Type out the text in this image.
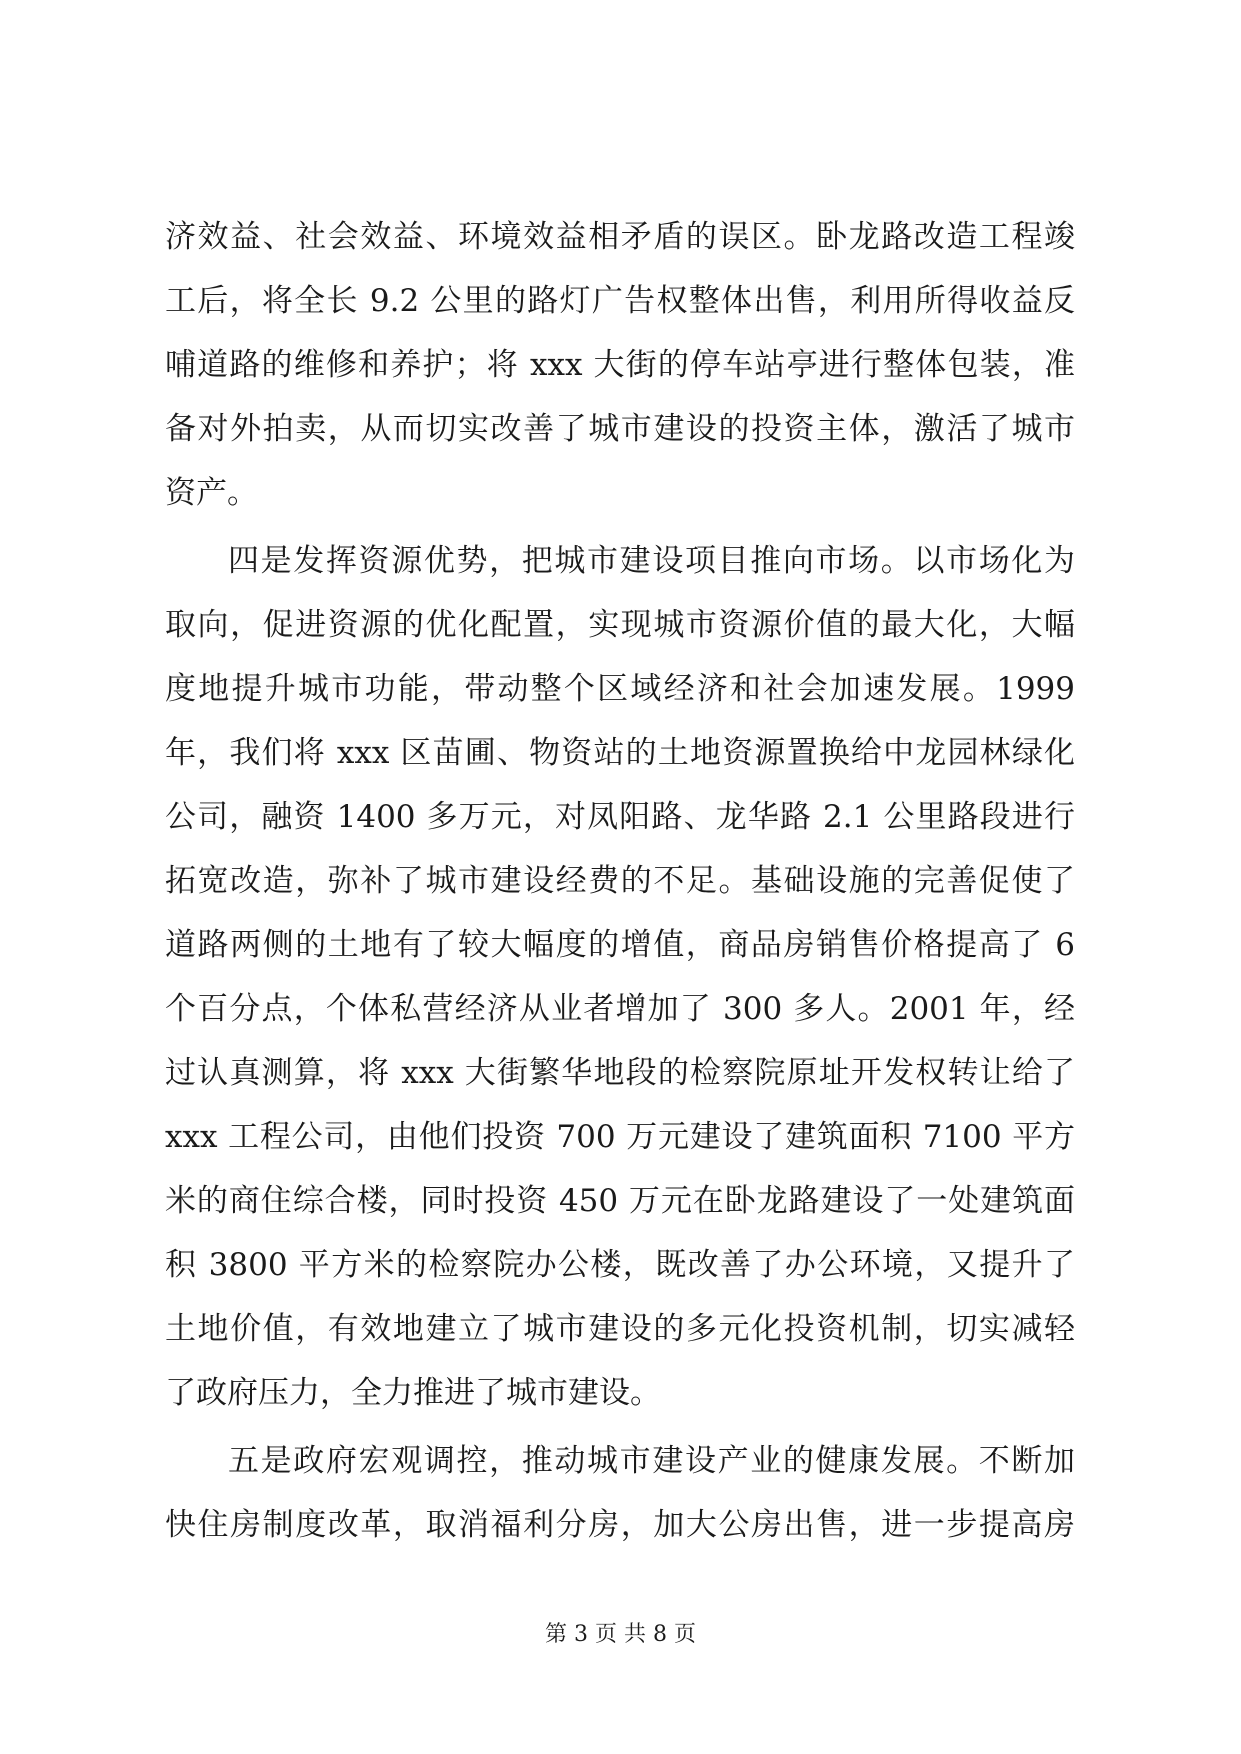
济效益、社会效益、环境效益相矛盾的误区。卧龙路改造工程竣
工后，将全长 9.2 公里的路灯广告权整体出售，利用所得收益反
哺道路的维修和养护；将 xxx 大街的停车站亭进行整体包装，准
备对外拍卖，从而切实改善了城市建设的投资主体，激活了城市
资产。
四是发挥资源优势，把城市建设项目推向市场。以市场化为
取向，促进资源的优化配置，实现城市资源价值的最大化，大幅
度地提升城市功能，带动整个区域经济和社会加速发展。1999
年，我们将 xxx 区苗圃、物资站的土地资源置换给中龙园林绿化
公司，融资 1400 多万元，对凤阳路、龙华路 2.1 公里路段进行
拓宽改造，弥补了城市建设经费的不足。基础设施的完善促使了
道路两侧的土地有了较大幅度的增值，商品房销售价格提高了 6
个百分点，个体私营经济从业者增加了 300 多人。2001 年，经
过认真测算，将 xxx 大街繁华地段的检察院原址开发权转让给了
xxx 工程公司，由他们投资 700 万元建设了建筑面积 7100 平方
米的商住综合楼，同时投资 450 万元在卧龙路建设了一处建筑面
积 3800 平方米的检察院办公楼，既改善了办公环境，又提升了
土地价值，有效地建立了城市建设的多元化投资机制，切实减轻
了政府压力，全力推进了城市建设。
五是政府宏观调控，推动城市建设产业的健康发展。不断加
快住房制度改革，取消福利分房，加大公房出售，进一步提高房
第 3 页 共 8 页
